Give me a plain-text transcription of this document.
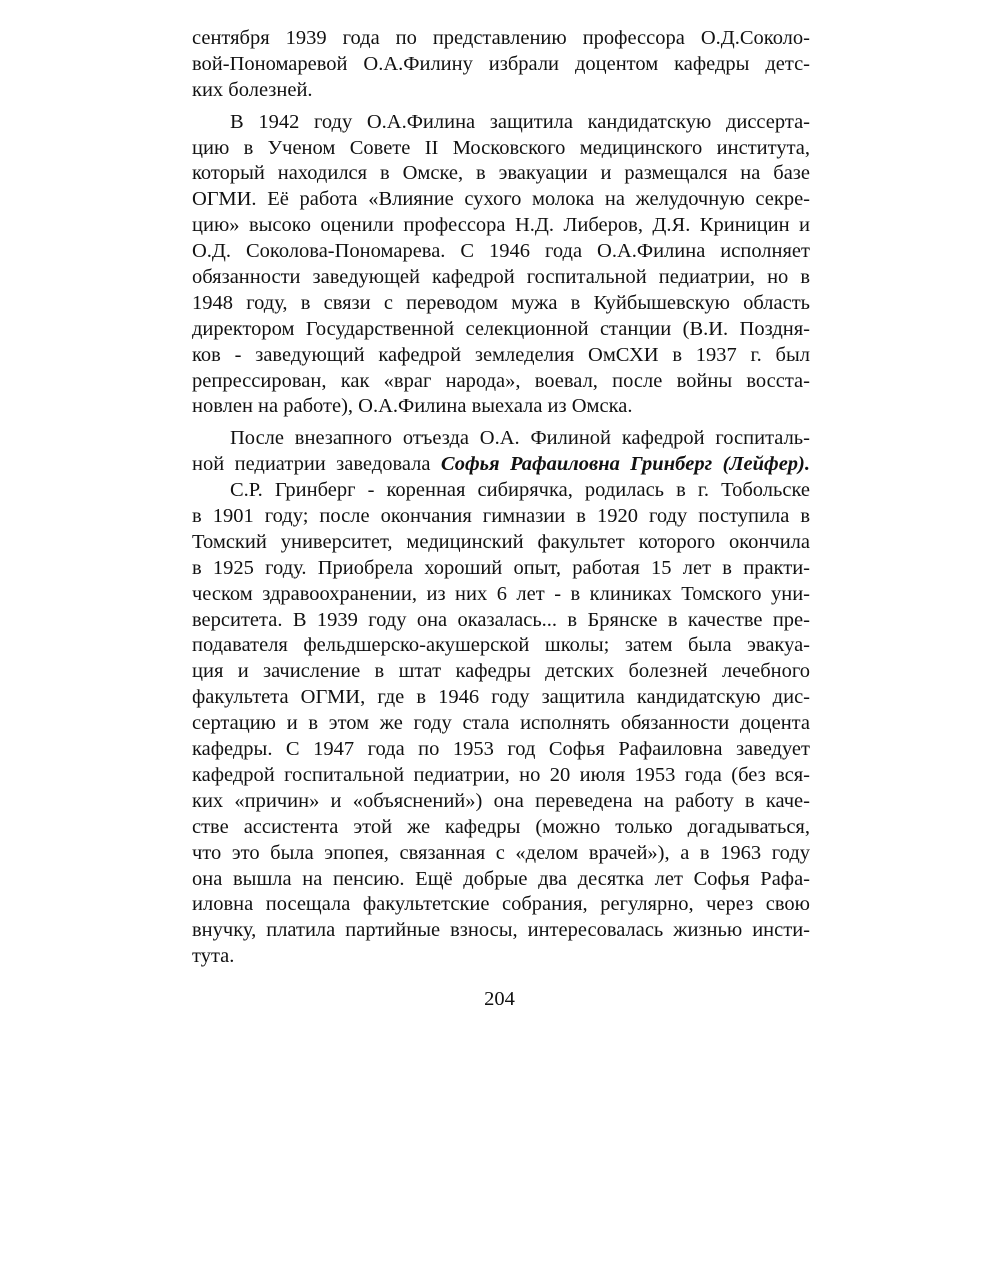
сентября 1939 года по представлению профессора О.Д.Соколо-
вой-Пономаревой О.А.Филину избрали доцентом кафедры детс-
ких болезней.
В 1942 году О.А.Филина защитила кандидатскую диссерта-
цию в Ученом Совете II Московского медицинского института,
который находился в Омске, в эвакуации и размещался на базе
ОГМИ. Её работа «Влияние сухого молока на желудочную секре-
цию» высоко оценили профессора Н.Д. Либеров, Д.Я. Криницин и
О.Д. Соколова-Пономарева. С 1946 года О.А.Филина исполняет
обязанности заведующей кафедрой госпитальной педиатрии, но в
1948 году, в связи с переводом мужа в Куйбышевскую область
директором Государственной селекционной станции (В.И. Поздня-
ков - заведующий кафедрой земледелия ОмСХИ в 1937 г. был
репрессирован, как «враг народа», воевал, после войны восста-
новлен на работе), О.А.Филина выехала из Омска.
После внезапного отъезда О.А. Филиной кафедрой госпиталь-
ной педиатрии заведовала Софья Рафаиловна Гринберг (Лейфер).
С.Р. Гринберг - коренная сибирячка, родилась в г. Тобольске
в 1901 году; после окончания гимназии в 1920 году поступила в
Томский университет, медицинский факультет которого окончила
в 1925 году. Приобрела хороший опыт, работая 15 лет в практи-
ческом здравоохранении, из них 6 лет - в клиниках Томского уни-
верситета. В 1939 году она оказалась... в Брянске в качестве пре-
подавателя фельдшерско-акушерской школы; затем была эвакуа-
ция и зачисление в штат кафедры детских болезней лечебного
факультета ОГМИ, где в 1946 году защитила кандидатскую дис-
сертацию и в этом же году стала исполнять обязанности доцента
кафедры. С 1947 года по 1953 год Софья Рафаиловна заведует
кафедрой госпитальной педиатрии, но 20 июля 1953 года (без вся-
ких «причин» и «объяснений») она переведена на работу в каче-
стве ассистента этой же кафедры (можно только догадываться,
что это была эпопея, связанная с «делом врачей»), а в 1963 году
она вышла на пенсию. Ещё добрые два десятка лет Софья Рафа-
иловна посещала факультетские собрания, регулярно, через свою
внучку, платила партийные взносы, интересовалась жизнью инсти-
тута.
204
